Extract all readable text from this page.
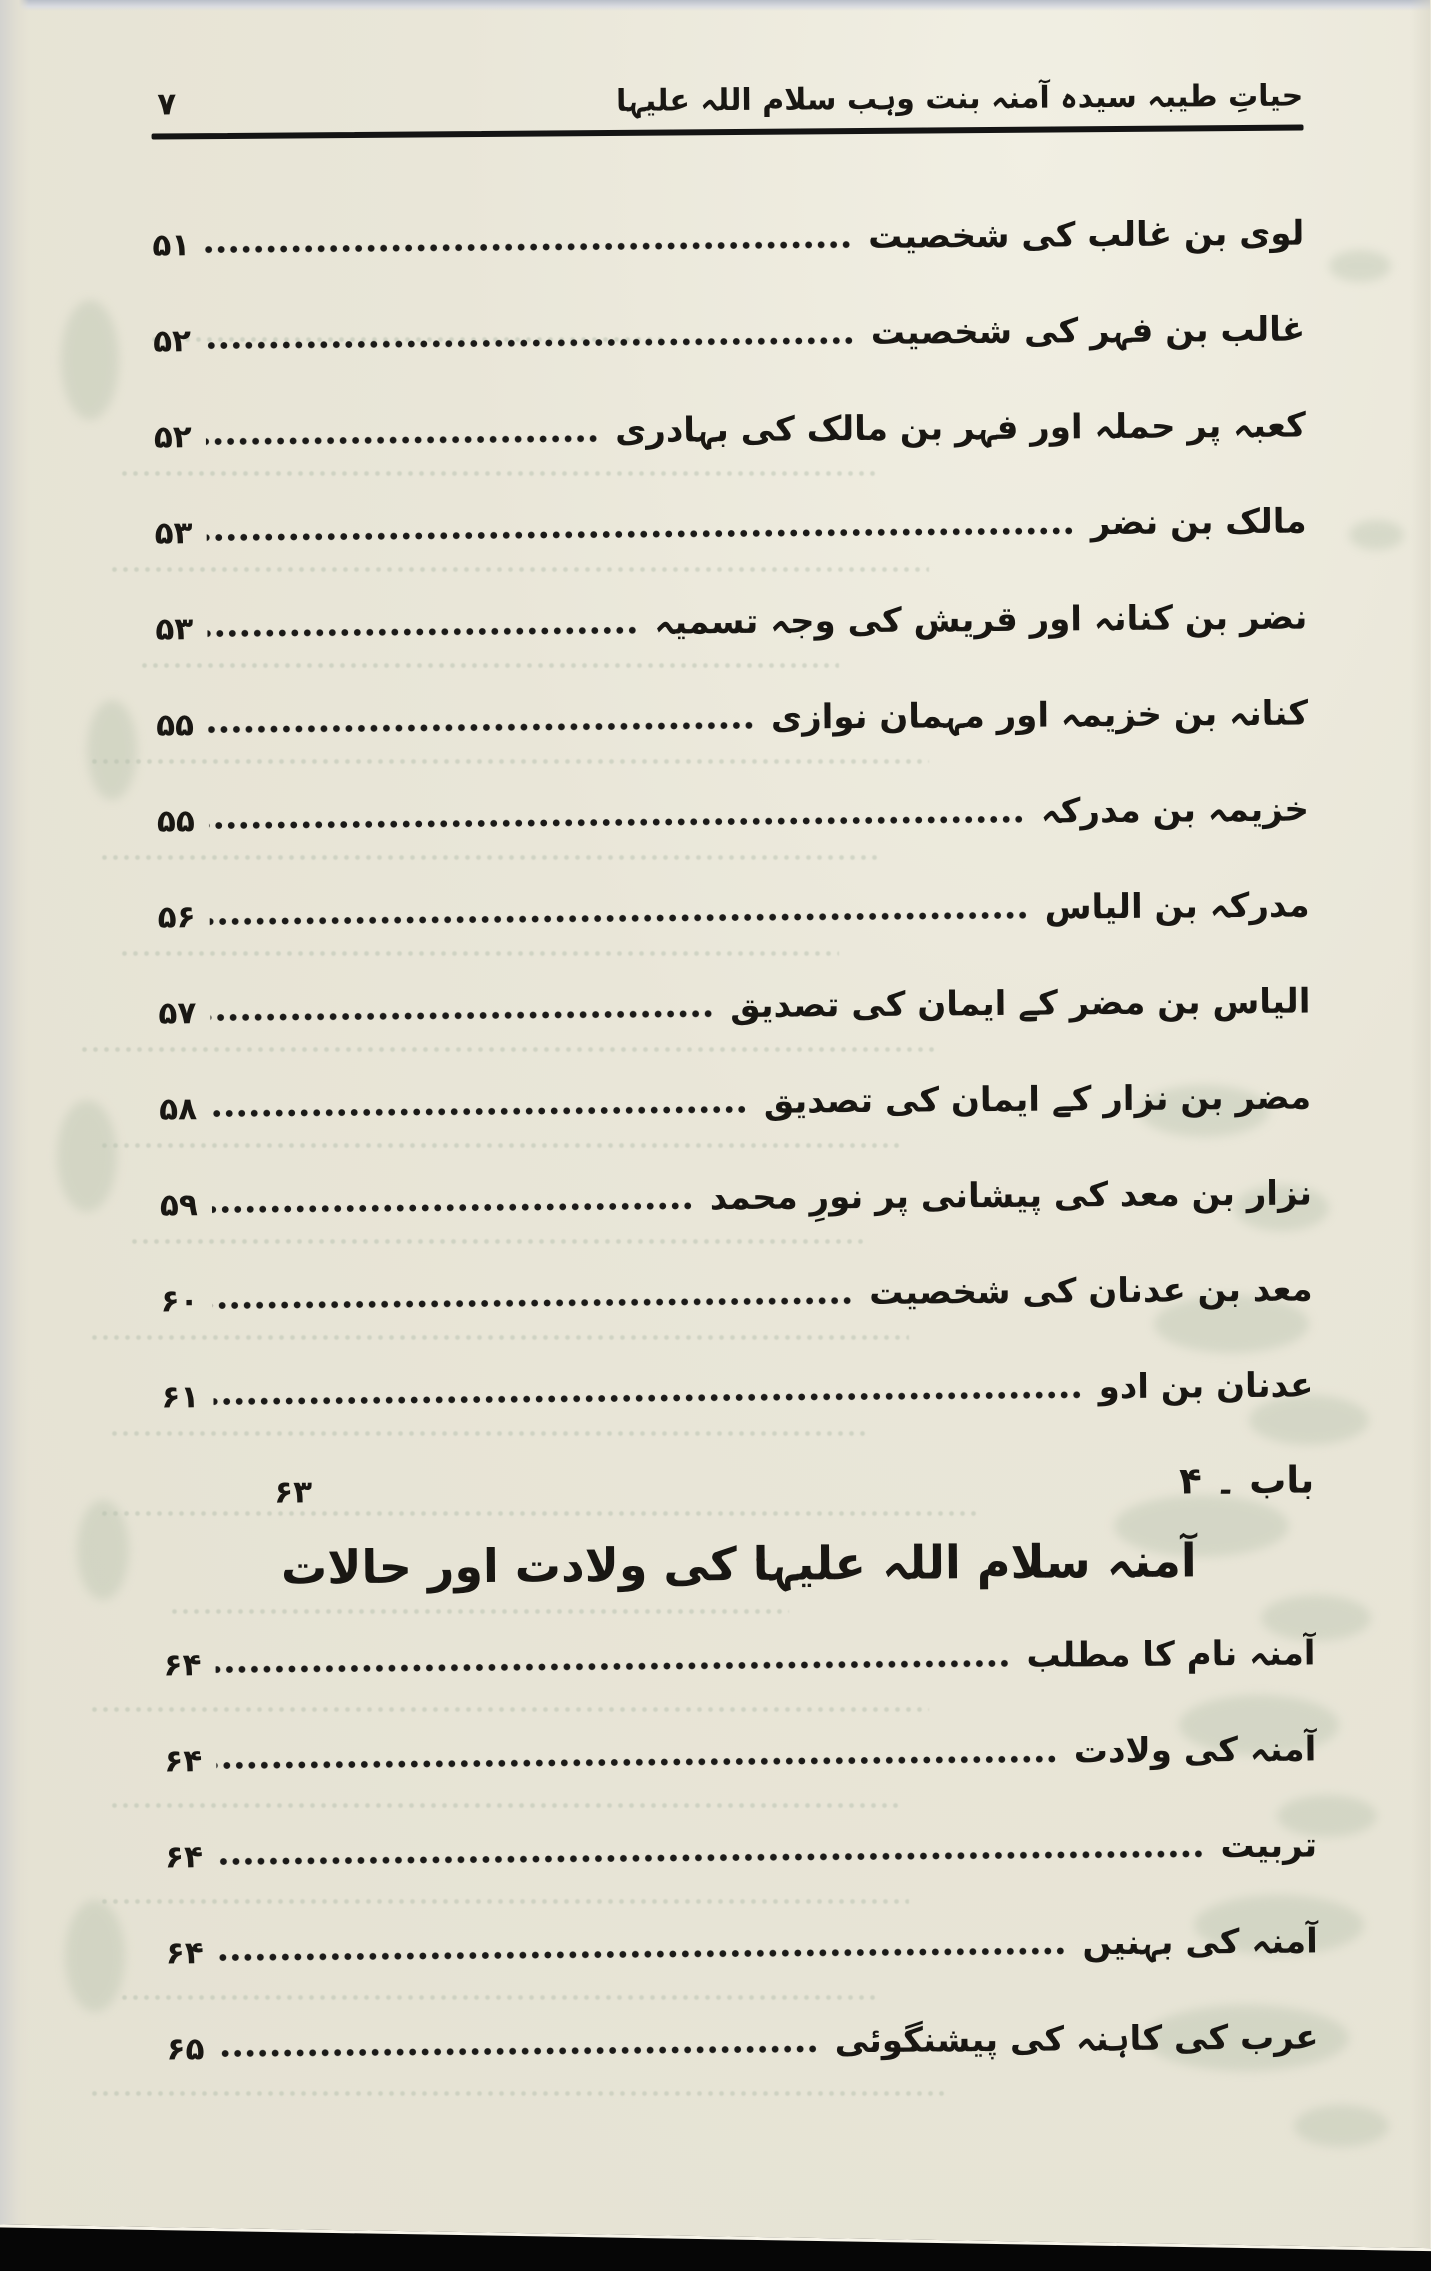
حیاتِ طیبہ سیدہ آمنہ بنت وہب سلام اللہ علیہا
۷
لوی بن غالب کی شخصیت
۵۱
غالب بن فہر کی شخصیت
۵۲
کعبہ پر حملہ اور فہر بن مالک کی بہادری
۵۲
مالک بن نضر
۵۳
نضر بن کنانہ اور قریش کی وجہ تسمیہ
۵۳
کنانہ بن خزیمہ اور مہمان نوازی
۵۵
خزیمہ بن مدرکہ
۵۵
مدرکہ بن الیاس
۵۶
الیاس بن مضر کے ایمان کی تصدیق
۵۷
مضر بن نزار کے ایمان کی تصدیق
۵۸
نزار بن معد کی پیشانی پر نورِ محمد
۵۹
معد بن عدنان کی شخصیت
۶۰
عدنان بن ادو
۶۱
باب ۔ ۴
۶۳
آمنہ سلام اللہ علیہا کی ولادت اور حالات
آمنہ نام کا مطلب
۶۴
آمنہ کی ولادت
۶۴
تربیت
۶۴
آمنہ کی بہنیں
۶۴
عرب کی کاہنہ کی پیشنگوئی
۶۵
